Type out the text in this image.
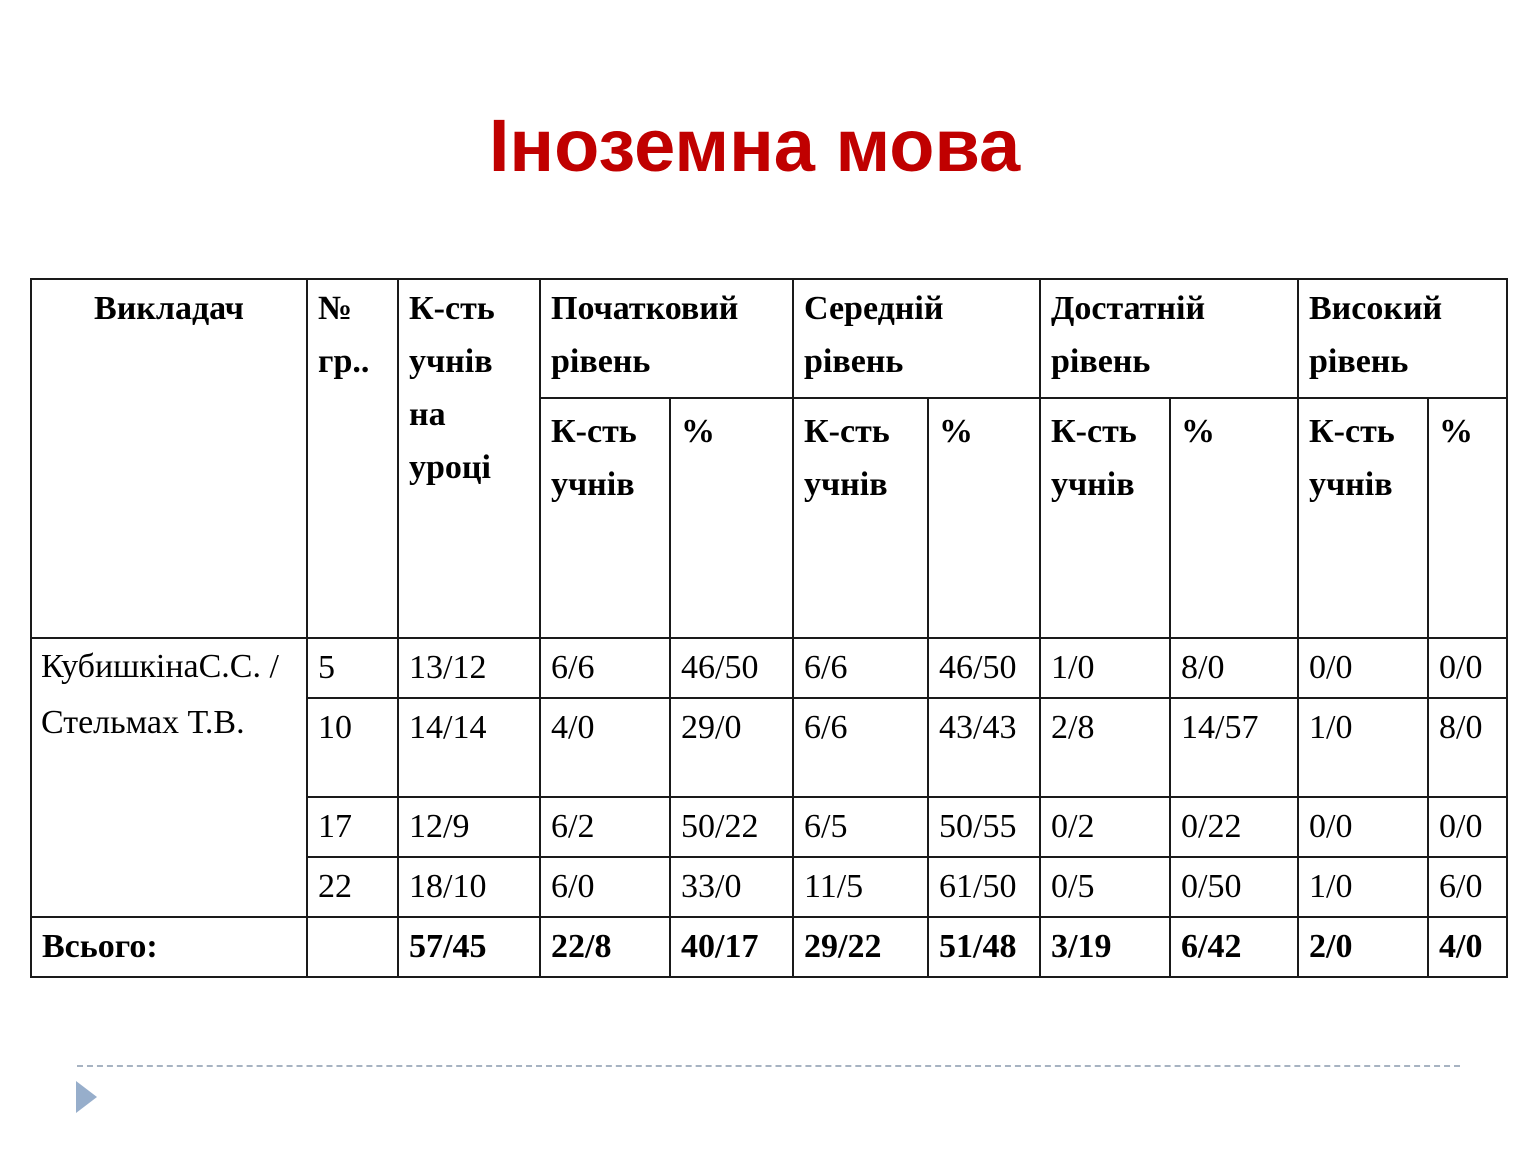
Іноземна мова
Викладач	№ гр..	К-сть учнів на уроці	Початковий рівень		Середній рівень		Достатній рівень		Високий рівень	
			К-сть учнів	%	К-сть учнів	%	К-сть учнів	%	К-сть учнів	%
КубишкінаС.С. / Стельмах Т.В.	5	13/12	6/6	46/50	6/6	46/50	1/0	8/0	0/0	0/0
	10	14/14	4/0	29/0	6/6	43/43	2/8	14/57	1/0	8/0
	17	12/9	6/2	50/22	6/5	50/55	0/2	0/22	0/0	0/0
	22	18/10	6/0	33/0	11/5	61/50	0/5	0/50	1/0	6/0
Всього:		57/45	22/8	40/17	29/22	51/48	3/19	6/42	2/0	4/0
